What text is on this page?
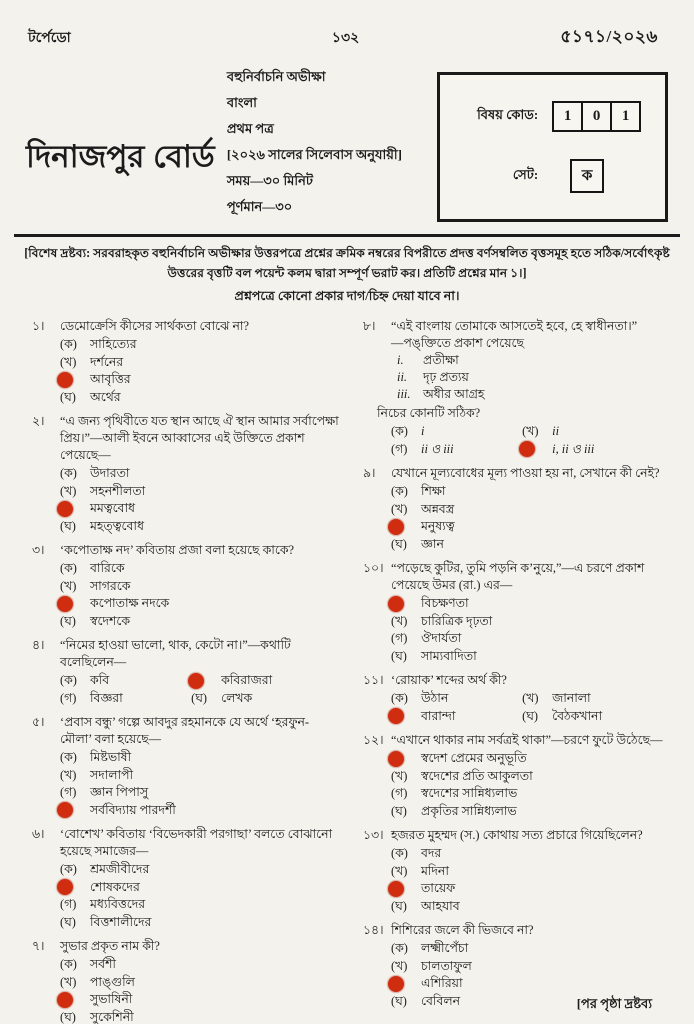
টর্পেডো	১৩২	৫১৭১/২০২৬
দিনাজপুর বোর্ড
বহুনির্বাচনি অভীক্ষা
বাংলা
প্রথম পত্র
[২০২৬ সালের সিলেবাস অনুযায়ী]
সময়—৩০ মিনিট
পূর্ণমান—৩০
বিষয় কোড:	1 0 1
সেট:	ক
[বিশেষ দ্রষ্টব্য: সরবরাহকৃত বহুনির্বাচনি অভীক্ষার উত্তরপত্রে প্রশ্নের ক্রমিক নম্বরের বিপরীতে প্রদত্ত বর্ণসম্বলিত বৃত্তসমূহ হতে সঠিক/সর্বোৎকৃষ্ট উত্তরের বৃত্তটি বল পয়েন্ট কলম দ্বারা সম্পূর্ণ ভরাট কর। প্রতিটি প্রশ্নের মান ১।]
প্রশ্নপত্রে কোনো প্রকার দাগ/চিহ্ন দেয়া যাবে না।
১। ডেমোক্রেসি কীসের সার্থকতা বোঝে না?
(ক)	সাহিত্যের
(খ)	দর্শনের
আবৃত্তির
(ঘ)	অর্থের
২। “এ জন্য পৃথিবীতে যত স্থান আছে ঐ স্থান আমার সর্বাপেক্ষা প্রিয়।”—আলী ইবনে আব্বাসের এই উক্তিতে প্রকাশ পেয়েছে—
(ক)	উদারতা
(খ)	সহনশীলতা
মমত্ববোধ
(ঘ)	মহত্ত্ববোধ
৩। ‘কপোতাক্ষ নদ’ কবিতায় প্রজা বলা হয়েছে কাকে?
(ক)	বারিকে
(খ)	সাগরকে
কপোতাক্ষ নদকে
(ঘ)	স্বদেশকে
৪। “নিমের হাওয়া ভালো, থাক, কেটো না।”—কথাটি বলেছিলেন—
(ক)	কবি	কবিরাজরা
(গ)	বিজ্ঞরা	(ঘ)	লেখক
৫। ‘প্রবাস বন্ধু’ গল্পে আবদুর রহমানকে যে অর্থে ‘হরফুন-মৌলা’ বলা হয়েছে—
(ক)	মিষ্টভাষী
(খ)	সদালাপী
(গ)	জ্ঞান পিপাসু
সর্ববিদ্যায় পারদর্শী
৬। ‘বোশেখ’ কবিতায় ‘বিভেদকারী পরগাছা’ বলতে বোঝানো হয়েছে সমাজের—
(ক)	শ্রমজীবীদের
শোষকদের
(গ)	মধ্যবিত্তদের
(ঘ)	বিত্তশালীদের
৭। সুভার প্রকৃত নাম কী?
(ক)	সর্বশী
(খ)	পাঙ্গুলি
সুভাষিনী
(ঘ)	সুকেশিনী
৮। “এই বাংলায় তোমাকে আসতেই হবে, হে স্বাধীনতা।”
—পঙ্‌ক্তিতে প্রকাশ পেয়েছে
i. প্রতীক্ষা
ii. দৃঢ় প্রত্যয়
iii. অধীর আগ্রহ
নিচের কোনটি সঠিক?
(ক)	i	(খ)	ii
(গ)	ii ও iii	i, ii ও iii
৯। যেখানে মূল্যবোধের মূল্য পাওয়া হয় না, সেখানে কী নেই?
(ক)	শিক্ষা
(খ)	অন্নবস্ত্র
মনুষ্যত্ব
(ঘ)	জ্ঞান
১০। “পড়েছে কুটির, তুমি পড়নি ক’নুয়ে,”—এ চরণে প্রকাশ পেয়েছে উমর (রা.) এর—
বিচক্ষণতা
(খ)	চারিত্রিক দৃঢ়তা
(গ)	ঔদার্যতা
(ঘ)	সাম্যবাদিতা
১১। ‘রোয়াক’ শব্দের অর্থ কী?
(ক)	উঠান	(খ)	জানালা
বারান্দা	(ঘ)	বৈঠকখানা
১২। “এখানে থাকার নাম সর্বত্রই থাকা”—চরণে ফুটে উঠেছে—
স্বদেশ প্রেমের অনুভূতি
(খ)	স্বদেশের প্রতি আকুলতা
(গ)	স্বদেশের সান্নিধ্যলাভ
(ঘ)	প্রকৃতির সান্নিধ্যলাভ
১৩। হজরত মুহম্মদ (স.) কোথায় সত্য প্রচারে গিয়েছিলেন?
(ক)	বদর
(খ)	মদিনা
তায়েফ
(ঘ)	আহযাব
১৪। শিশিরের জলে কী ভিজবে না?
(ক)	লক্ষ্মীপেঁচা
(খ)	চালতাফুল
এশিরিয়া
(ঘ)	বেবিলন	[পর পৃষ্ঠা দ্রষ্টব্য
